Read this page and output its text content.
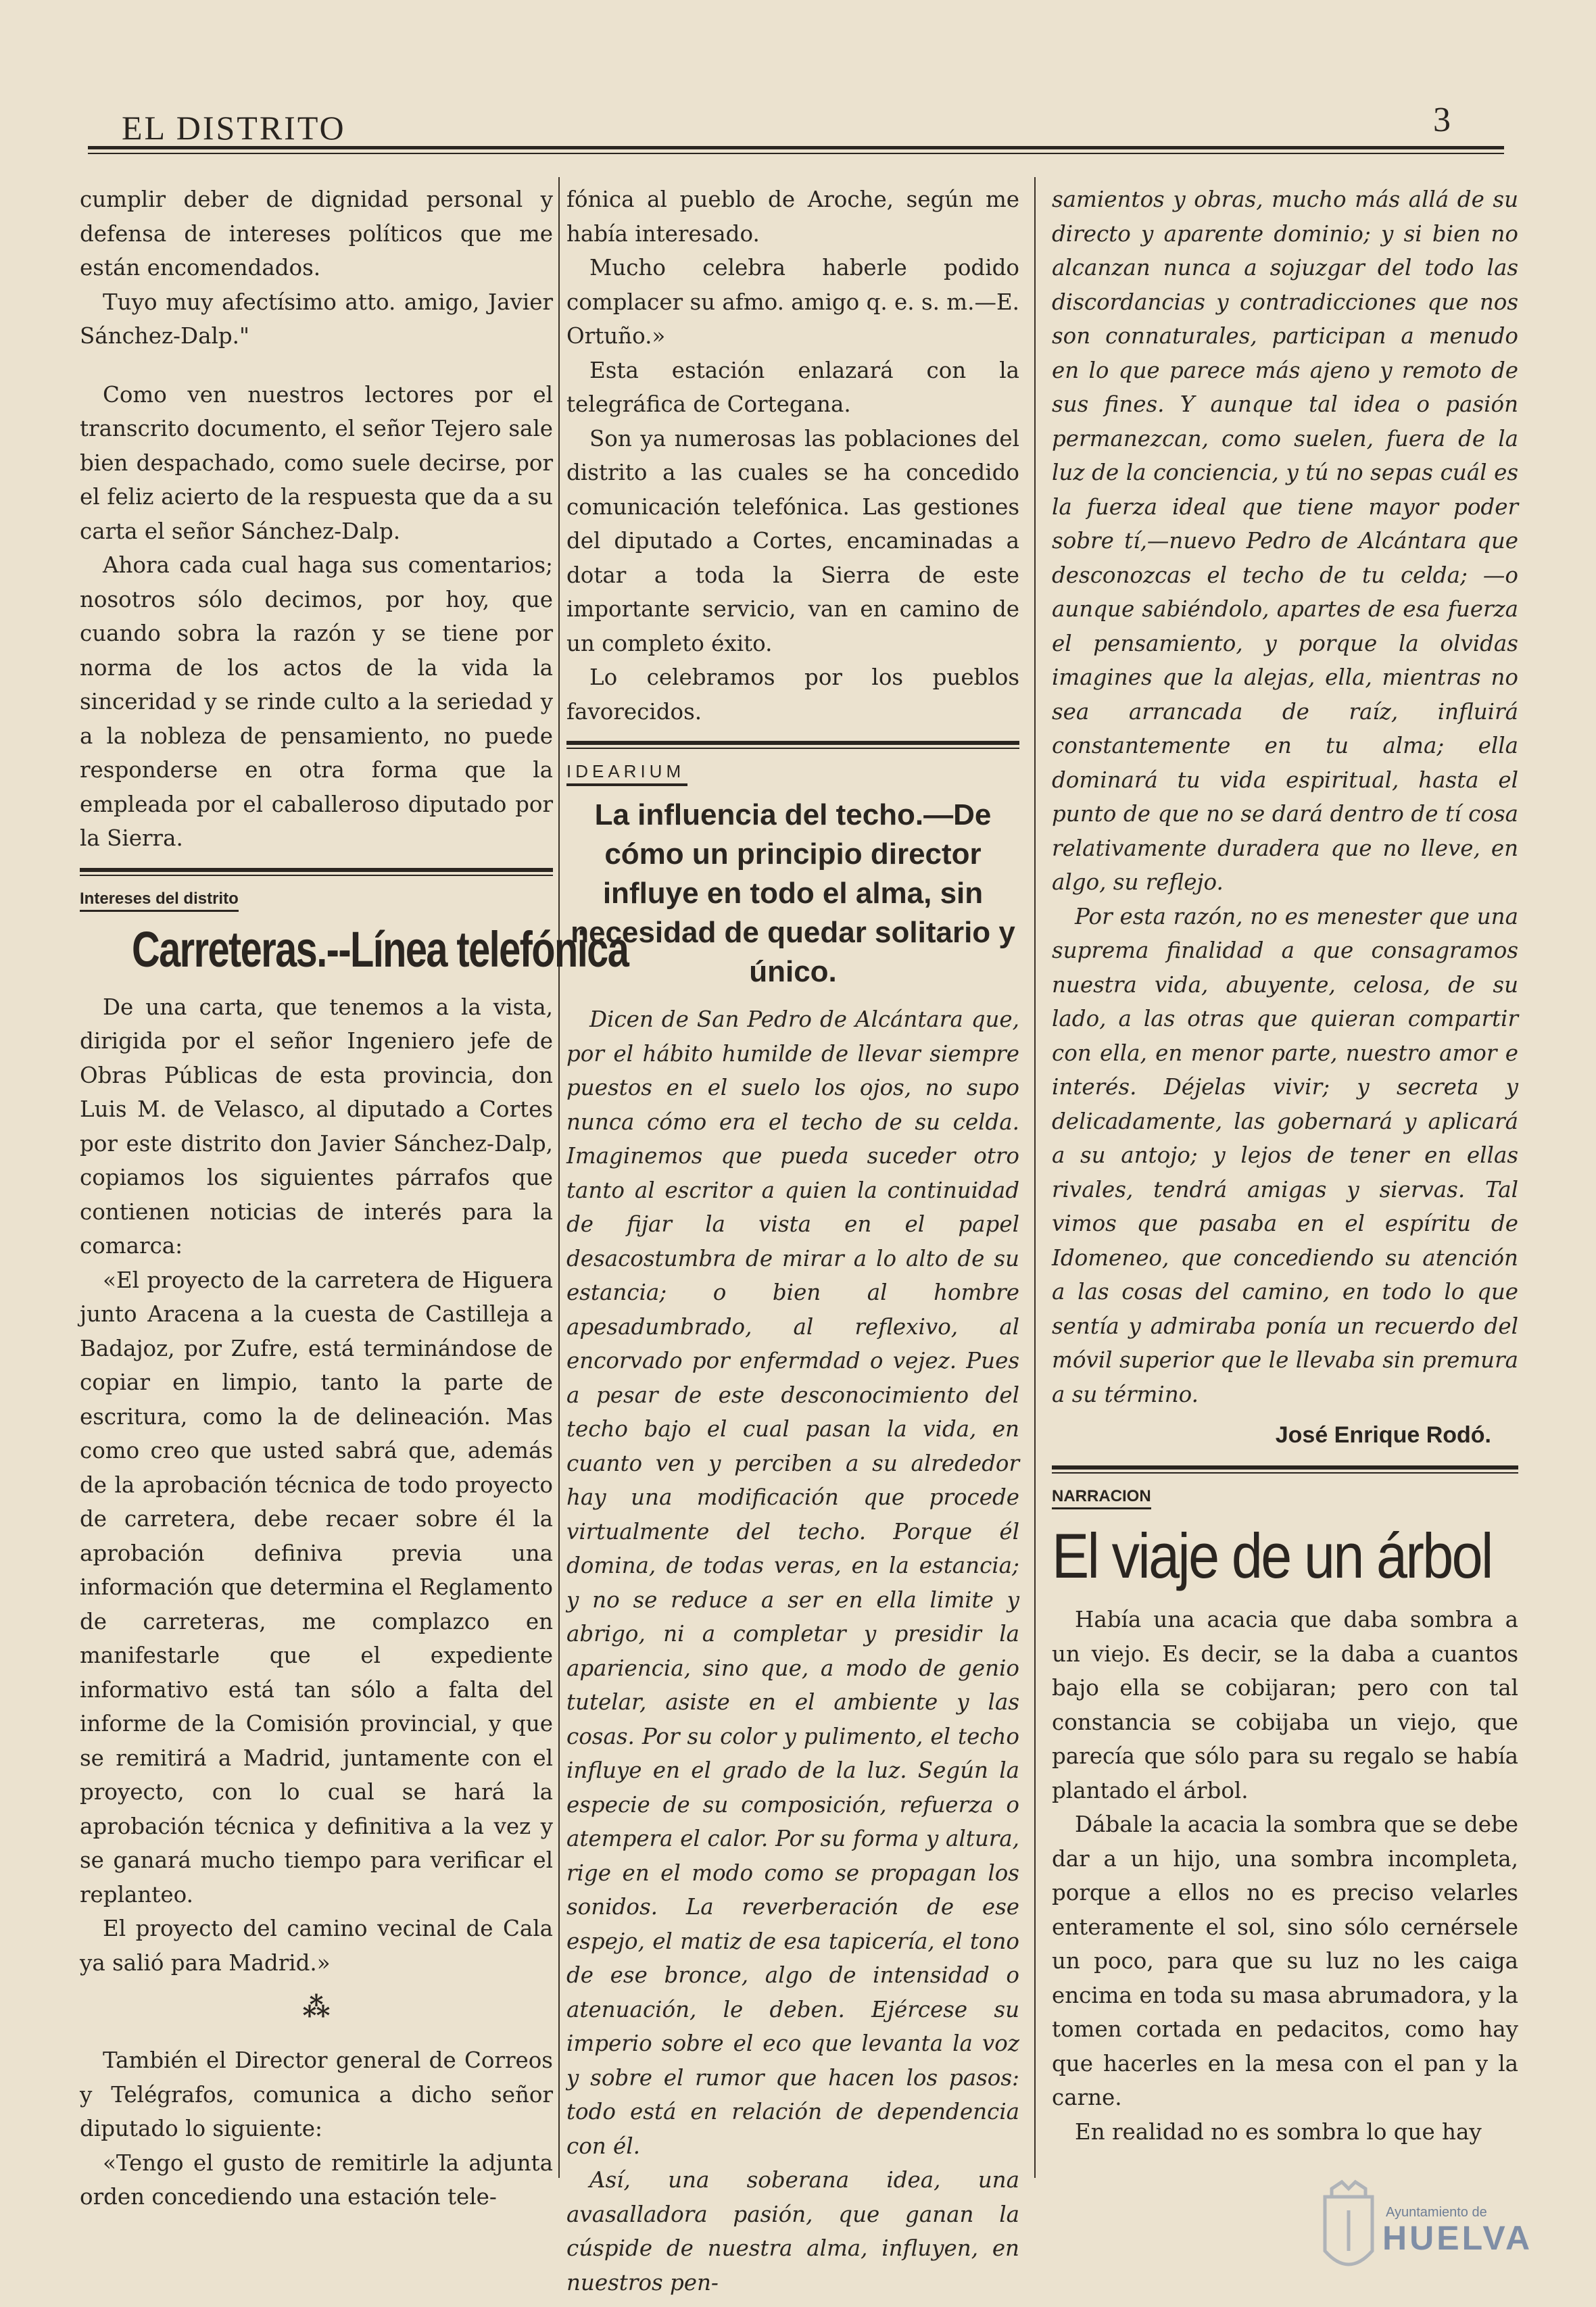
EL DISTRITO	3

cumplir deber de dignidad personal y defensa de intereses políticos que me están encomendados.

Tuyo muy afectísimo atto. amigo, Javier Sánchez-Dalp."

Como ven nuestros lectores por el transcrito documento, el señor Tejero sale bien despachado, como suele decirse, por el feliz acierto de la respuesta que da a su carta el señor Sánchez-Dalp.

Ahora cada cual haga sus comentarios; nosotros sólo decimos, por hoy, que cuando sobra la razón y se tiene por norma de los actos de la vida la sinceridad y se rinde culto a la seriedad y a la nobleza de pensamiento, no puede responderse en otra forma que la empleada por el caballeroso diputado por la Sierra.

Intereses del distrito
Carreteras.--Línea telefónica

De una carta, que tenemos a la vista, dirigida por el señor Ingeniero jefe de Obras Públicas de esta provincia, don Luis M. de Velasco, al diputado a Cortes por este distrito don Javier Sánchez-Dalp, copiamos los siguientes párrafos que contienen noticias de interés para la comarca:

«El proyecto de la carretera de Higuera junto Aracena a la cuesta de Castilleja a Badajoz, por Zufre, está terminándose de copiar en limpio, tanto la parte de escritura, como la de delineación. Mas como creo que usted sabrá que, además de la aprobación técnica de todo proyecto de carretera, debe recaer sobre él la aprobación definiva previa una información que determina el Reglamento de carreteras, me complazco en manifestarle que el expediente informativo está tan sólo a falta del informe de la Comisión provincial, y que se remitirá a Madrid, juntamente con el proyecto, con lo cual se hará la aprobación técnica y definitiva a la vez y se ganará mucho tiempo para verificar el replanteo.

El proyecto del camino vecinal de Cala ya salió para Madrid.»

⁂

También el Director general de Correos y Telégrafos, comunica a dicho señor diputado lo siguiente:

«Tengo el gusto de remitirle la adjunta orden concediendo una estación tele-

fónica al pueblo de Aroche, según me había interesado.

Mucho celebra haberle podido complacer su afmo. amigo q. e. s. m.—E. Ortuño.»

Esta estación enlazará con la telegráfica de Cortegana.

Son ya numerosas las poblaciones del distrito a las cuales se ha concedido comunicación telefónica. Las gestiones del diputado a Cortes, encaminadas a dotar a toda la Sierra de este importante servicio, van en camino de un completo éxito.

Lo celebramos por los pueblos favorecidos.

IDEARIUM
La influencia del techo.—De cómo un principio director influye en todo el alma, sin necesidad de quedar solitario y único.

Dicen de San Pedro de Alcántara que, por el hábito humilde de llevar siempre puestos en el suelo los ojos, no supo nunca cómo era el techo de su celda. Imaginemos que pueda suceder otro tanto al escritor a quien la continuidad de fijar la vista en el papel desacostumbra de mirar a lo alto de su estancia; o bien al hombre apesadumbrado, al reflexivo, al encorvado por enfermdad o vejez. Pues a pesar de este desconocimiento del techo bajo el cual pasan la vida, en cuanto ven y perciben a su alrededor hay una modificación que procede virtualmente del techo. Porque él domina, de todas veras, en la estancia; y no se reduce a ser en ella limite y abrigo, ni a completar y presidir la apariencia, sino que, a modo de genio tutelar, asiste en el ambiente y las cosas. Por su color y pulimento, el techo influye en el grado de la luz. Según la especie de su composición, refuerza o atempera el calor. Por su forma y altura, rige en el modo como se propagan los sonidos. La reverberación de ese espejo, el matiz de esa tapicería, el tono de ese bronce, algo de intensidad o atenuación, le deben. Ejércese su imperio sobre el eco que levanta la voz y sobre el rumor que hacen los pasos: todo está en relación de dependencia con él.

Así, una soberana idea, una avasalladora pasión, que ganan la cúspide de nuestra alma, influyen, en nuestros pen-

samientos y obras, mucho más allá de su directo y aparente dominio; y si bien no alcanzan nunca a sojuzgar del todo las discordancias y contradicciones que nos son connaturales, participan a menudo en lo que parece más ajeno y remoto de sus fines. Y aunque tal idea o pasión permanezcan, como suelen, fuera de la luz de la conciencia, y tú no sepas cuál es la fuerza ideal que tiene mayor poder sobre tí,—nuevo Pedro de Alcántara que desconozcas el techo de tu celda; —o aunque sabiéndolo, apartes de esa fuerza el pensamiento, y porque la olvidas imagines que la alejas, ella, mientras no sea arrancada de raíz, influirá constantemente en tu alma; ella dominará tu vida espiritual, hasta el punto de que no se dará dentro de tí cosa relativamente duradera que no lleve, en algo, su reflejo.

Por esta razón, no es menester que una suprema finalidad a que consagramos nuestra vida, abuyente, celosa, de su lado, a las otras que quieran compartir con ella, en menor parte, nuestro amor e interés. Déjelas vivir; y secreta y delicadamente, las gobernará y aplicará a su antojo; y lejos de tener en ellas rivales, tendrá amigas y siervas. Tal vimos que pasaba en el espíritu de Idomeneo, que concediendo su atención a las cosas del camino, en todo lo que sentía y admiraba ponía un recuerdo del móvil superior que le llevaba sin premura a su término.

José Enrique Rodó.
NARRACION
El viaje de un árbol

Había una acacia que daba sombra a un viejo. Es decir, se la daba a cuantos bajo ella se cobijaran; pero con tal constancia se cobijaba un viejo, que parecía que sólo para su regalo se había plantado el árbol.

Dábale la acacia la sombra que se debe dar a un hijo, una sombra incompleta, porque a ellos no es preciso velarles enteramente el sol, sino sólo cernérsele un poco, para que su luz no les caiga encima en toda su masa abrumadora, y la tomen cortada en pedacitos, como hay que hacerles en la mesa con el pan y la carne.

En realidad no es sombra lo que hay

Ayuntamiento de
HUELVA
